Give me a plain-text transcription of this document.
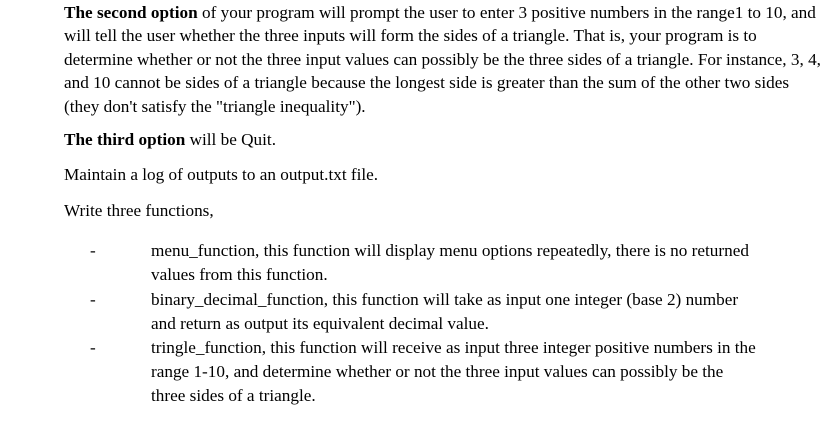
The second option of your program will prompt the user to enter 3 positive numbers in the range1 to 10, and will tell the user whether the three inputs will form the sides of a triangle. That is, your program is to determine whether or not the three input values can possibly be the three sides of a triangle. For instance, 3, 4, and 10 cannot be sides of a triangle because the longest side is greater than the sum of the other two sides (they don't satisfy the "triangle inequality").

The third option will be Quit.

Maintain a log of outputs to an output.txt file.

Write three functions,

-	menu_function, this function will display menu options repeatedly, there is no returned values from this function.
-	binary_decimal_function, this function will take as input one integer (base 2) number and return as output its equivalent decimal value.
-	tringle_function, this function will receive as input three integer positive numbers in the range 1-10, and determine whether or not the three input values can possibly be the three sides of a triangle.
